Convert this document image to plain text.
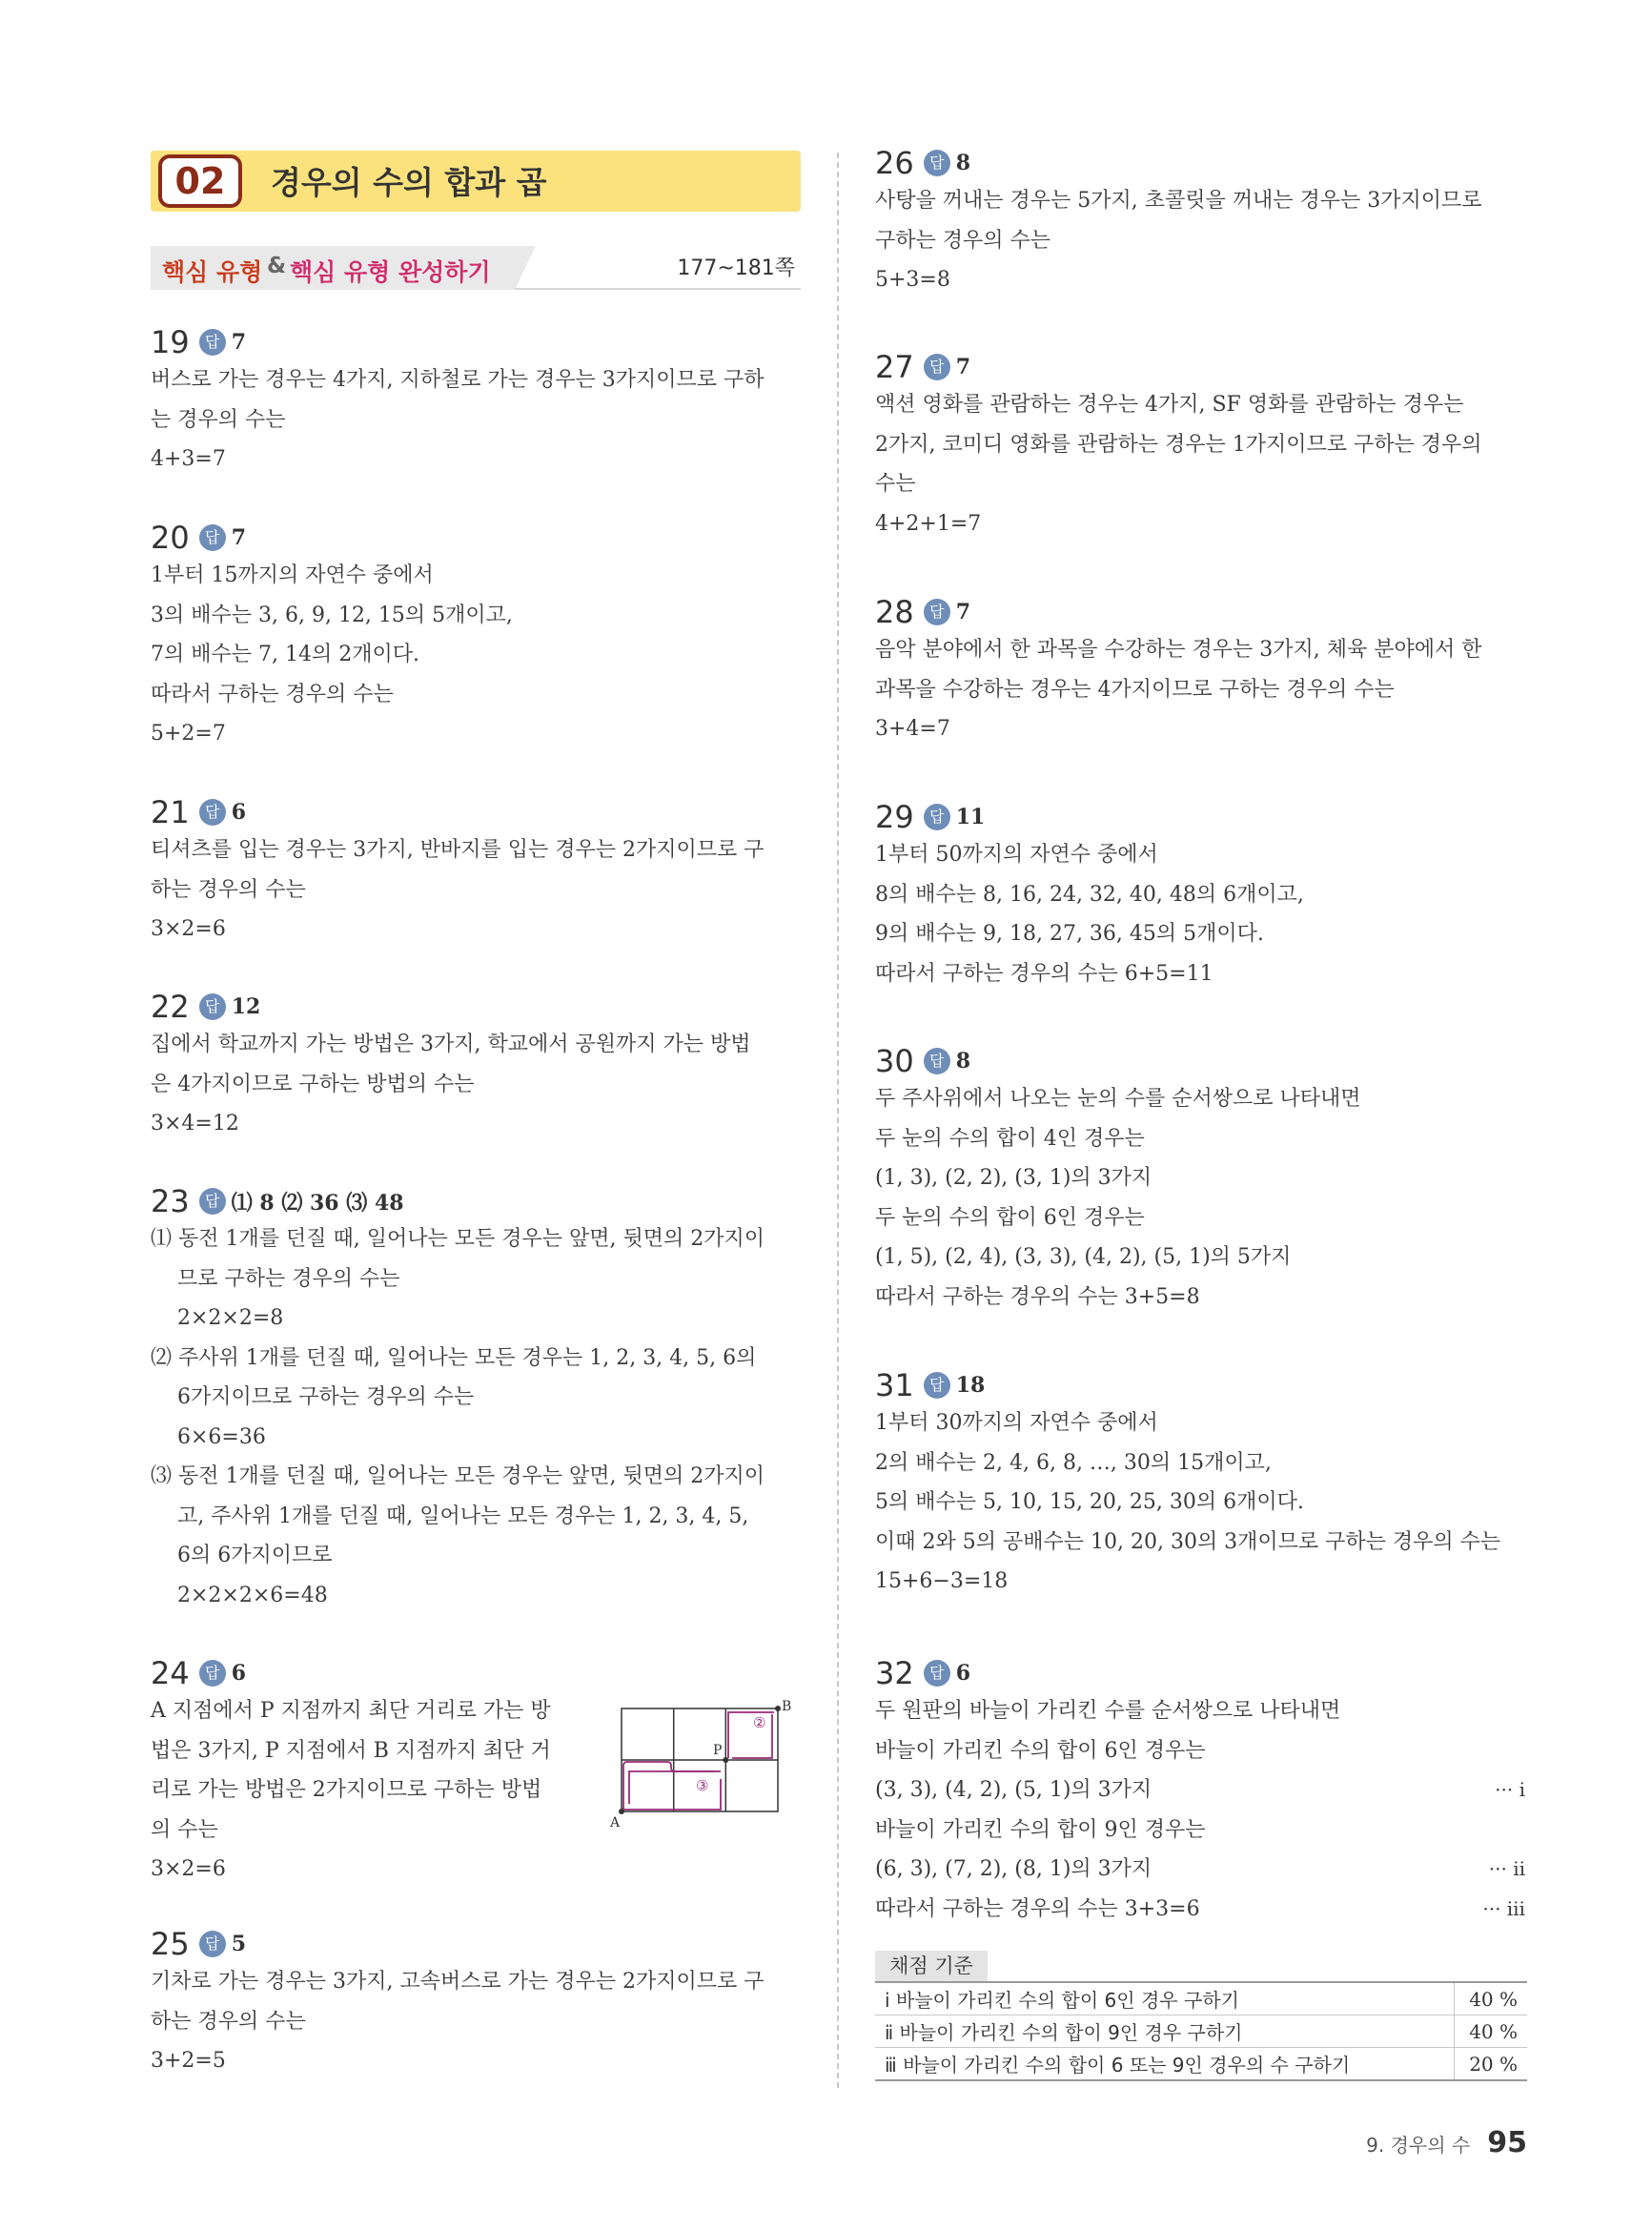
02	경우의 수의 합과 곱
핵심 유형 & 핵심 유형 완성하기	177~181쪽
19 답 7
버스로 가는 경우는 4가지, 지하철로 가는 경우는 3가지이므로 구하
는 경우의 수는
4+3=7
20 답 7
1부터 15까지의 자연수 중에서
3의 배수는 3, 6, 9, 12, 15의 5개이고,
7의 배수는 7, 14의 2개이다.
따라서 구하는 경우의 수는
5+2=7
21 답 6
티셔츠를 입는 경우는 3가지, 반바지를 입는 경우는 2가지이므로 구
하는 경우의 수는
3×2=6
22 답 12
집에서 학교까지 가는 방법은 3가지, 학교에서 공원까지 가는 방법
은 4가지이므로 구하는 방법의 수는
3×4=12
23 답 ⑴ 8 ⑵ 36 ⑶ 48
⑴ 동전 1개를 던질 때, 일어나는 모든 경우는 앞면, 뒷면의 2가지이
므로 구하는 경우의 수는
2×2×2=8
⑵ 주사위 1개를 던질 때, 일어나는 모든 경우는 1, 2, 3, 4, 5, 6의
6가지이므로 구하는 경우의 수는
6×6=36
⑶ 동전 1개를 던질 때, 일어나는 모든 경우는 앞면, 뒷면의 2가지이
고, 주사위 1개를 던질 때, 일어나는 모든 경우는 1, 2, 3, 4, 5,
6의 6가지이므로
2×2×2×6=48
24 답 6
A 지점에서 P 지점까지 최단 거리로 가는 방
법은 3가지, P 지점에서 B 지점까지 최단 거
리로 가는 방법은 2가지이므로 구하는 방법
의 수는
3×2=6
A
B
P
②
③
25 답 5
기차로 가는 경우는 3가지, 고속버스로 가는 경우는 2가지이므로 구
하는 경우의 수는
3+2=5
26 답 8
사탕을 꺼내는 경우는 5가지, 초콜릿을 꺼내는 경우는 3가지이므로
구하는 경우의 수는
5+3=8
27 답 7
액션 영화를 관람하는 경우는 4가지, SF 영화를 관람하는 경우는
2가지, 코미디 영화를 관람하는 경우는 1가지이므로 구하는 경우의
수는
4+2+1=7
28 답 7
음악 분야에서 한 과목을 수강하는 경우는 3가지, 체육 분야에서 한
과목을 수강하는 경우는 4가지이므로 구하는 경우의 수는
3+4=7
29 답 11
1부터 50까지의 자연수 중에서
8의 배수는 8, 16, 24, 32, 40, 48의 6개이고,
9의 배수는 9, 18, 27, 36, 45의 5개이다.
따라서 구하는 경우의 수는 6+5=11
30 답 8
두 주사위에서 나오는 눈의 수를 순서쌍으로 나타내면
두 눈의 수의 합이 4인 경우는
(1, 3), (2, 2), (3, 1)의 3가지
두 눈의 수의 합이 6인 경우는
(1, 5), (2, 4), (3, 3), (4, 2), (5, 1)의 5가지
따라서 구하는 경우의 수는 3+5=8
31 답 18
1부터 30까지의 자연수 중에서
2의 배수는 2, 4, 6, 8, …, 30의 15개이고,
5의 배수는 5, 10, 15, 20, 25, 30의 6개이다.
이때 2와 5의 공배수는 10, 20, 30의 3개이므로 구하는 경우의 수는
15+6−3=18
32 답 6
두 원판의 바늘이 가리킨 수를 순서쌍으로 나타내면
바늘이 가리킨 수의 합이 6인 경우는
(3, 3), (4, 2), (5, 1)의 3가지	··· ⅰ
바늘이 가리킨 수의 합이 9인 경우는
(6, 3), (7, 2), (8, 1)의 3가지	··· ⅱ
따라서 구하는 경우의 수는 3+3=6	··· ⅲ
채점 기준
ⅰ 바늘이 가리킨 수의 합이 6인 경우 구하기	40 %
ⅱ 바늘이 가리킨 수의 합이 9인 경우 구하기	40 %
ⅲ 바늘이 가리킨 수의 합이 6 또는 9인 경우의 수 구하기	20 %
9. 경우의 수 95
